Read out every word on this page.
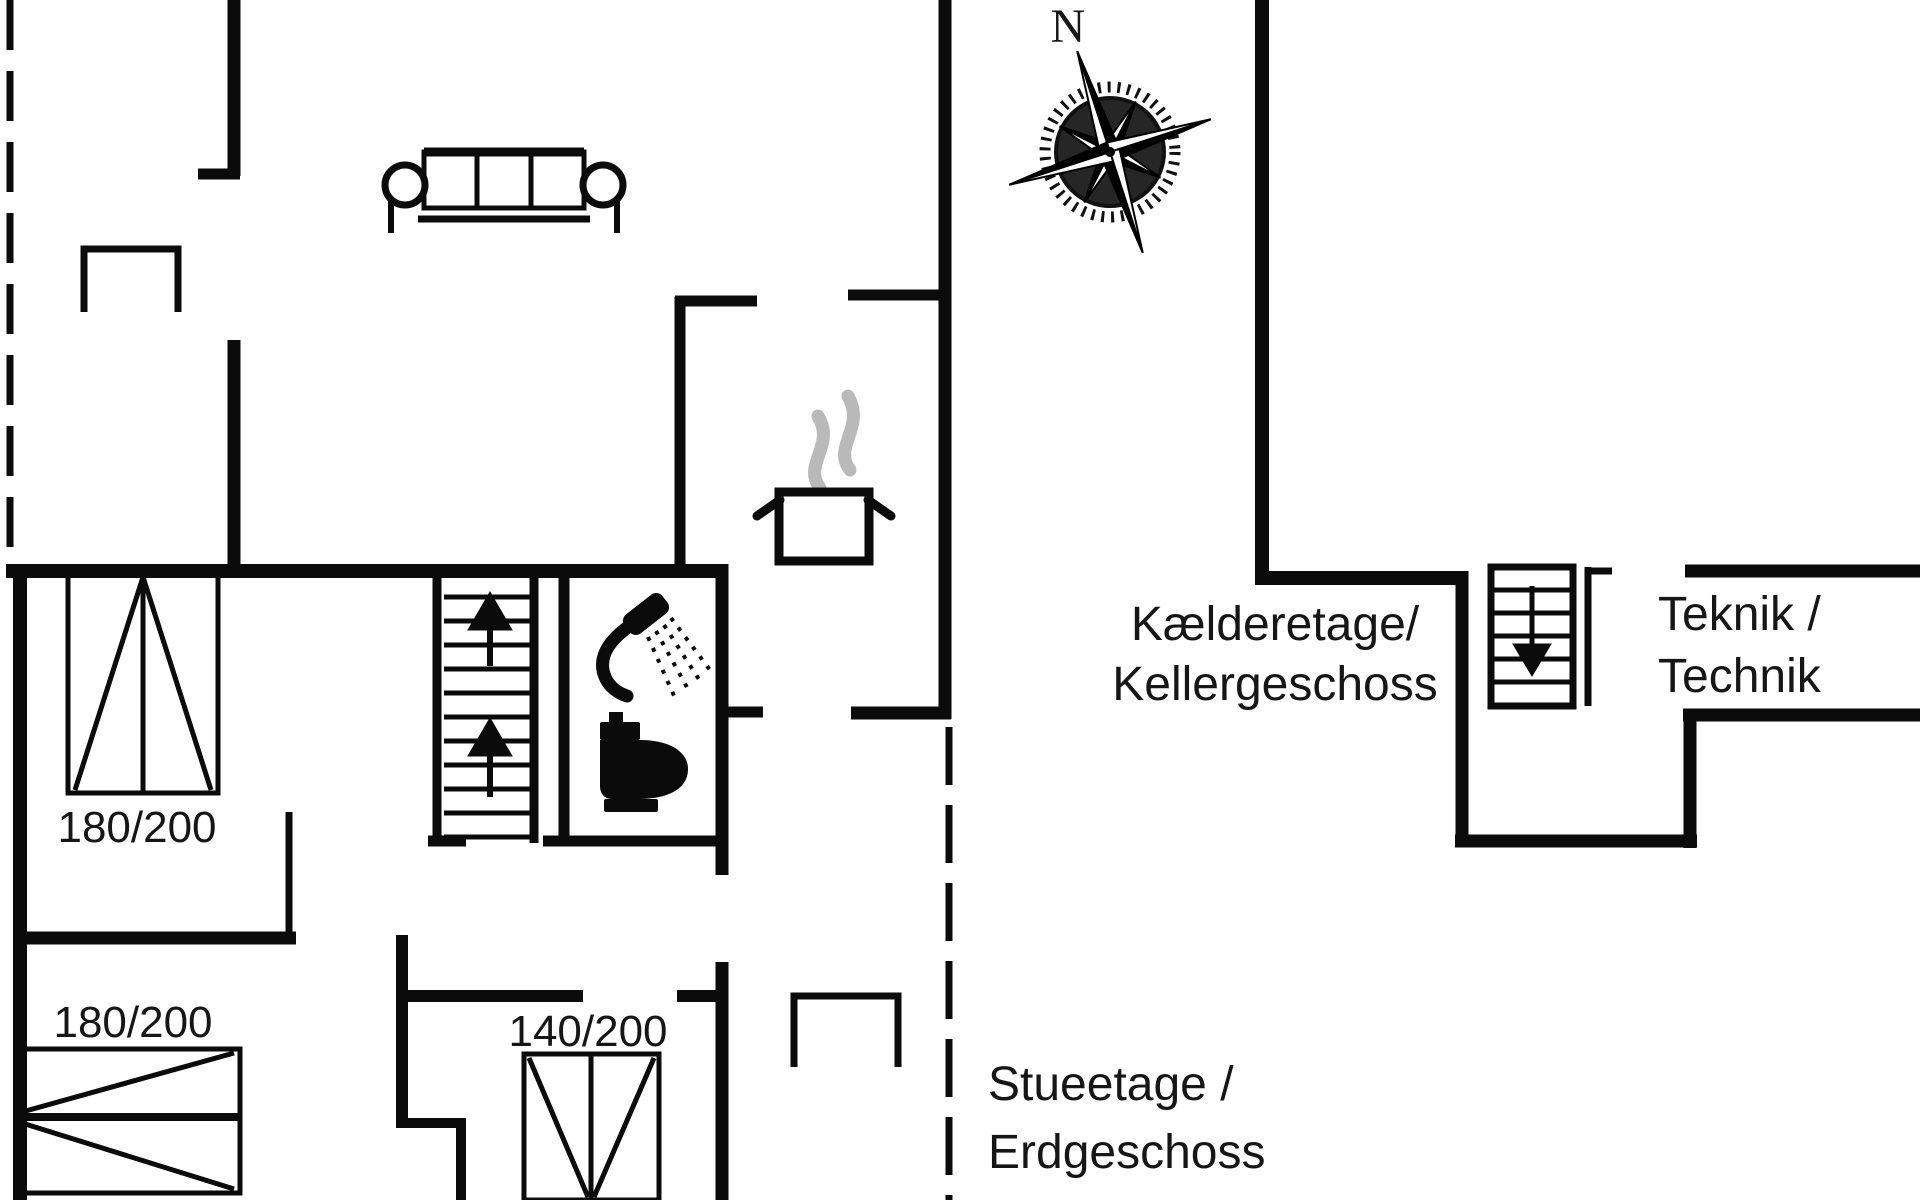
N
180/200
180/200	140/200
Kælderetage/
Kellergeschoss
Teknik /
Technik
Stueetage /
Erdgeschoss
